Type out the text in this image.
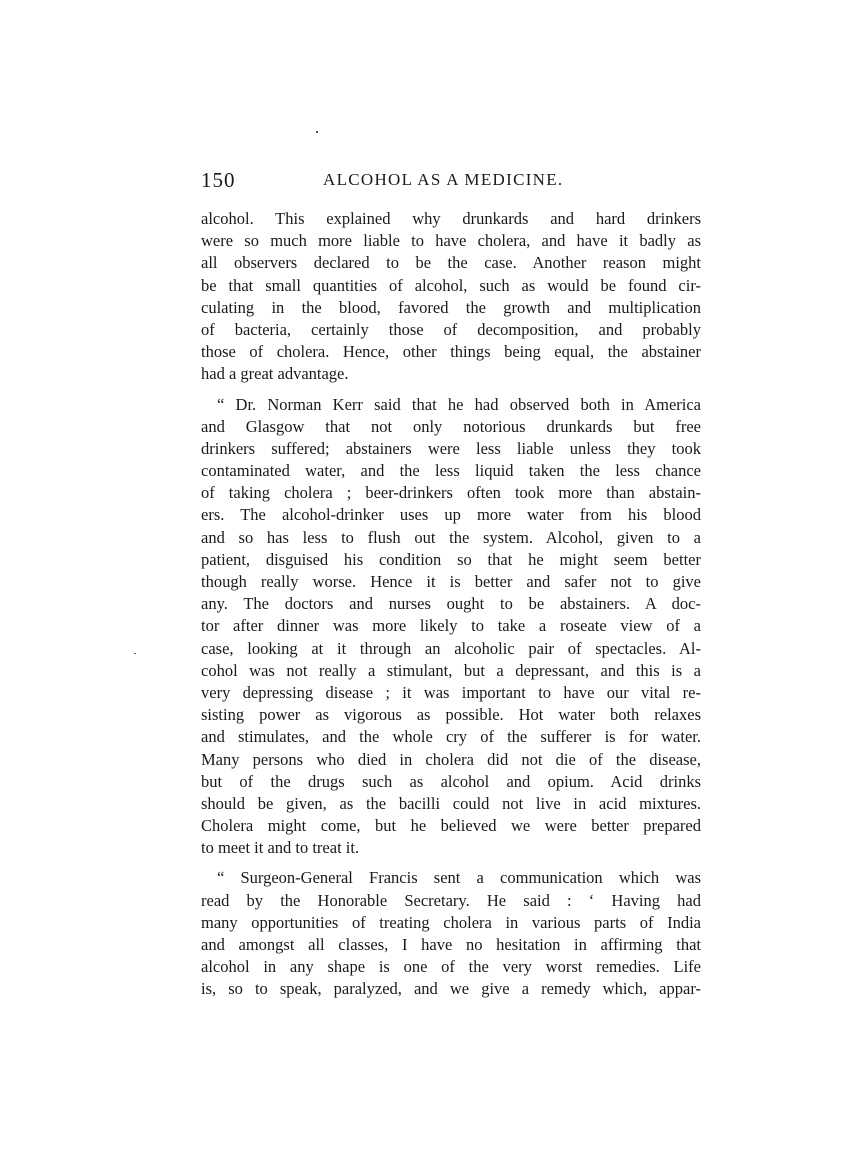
150	ALCOHOL AS A MEDICINE.
alcohol. This explained why drunkards and hard drinkers
were so much more liable to have cholera, and have it badly as
all observers declared to be the case. Another reason might
be that small quantities of alcohol, such as would be found cir-
culating in the blood, favored the growth and multiplication
of bacteria, certainly those of decomposition, and probably
those of cholera. Hence, other things being equal, the abstainer
had a great advantage.
“ Dr. Norman Kerr said that he had observed both in America
and Glasgow that not only notorious drunkards but free
drinkers suffered; abstainers were less liable unless they took
contaminated water, and the less liquid taken the less chance
of taking cholera ; beer-drinkers often took more than abstain-
ers. The alcohol-drinker uses up more water from his blood
and so has less to flush out the system. Alcohol, given to a
patient, disguised his condition so that he might seem better
though really worse. Hence it is better and safer not to give
any. The doctors and nurses ought to be abstainers. A doc-
tor after dinner was more likely to take a roseate view of a
case, looking at it through an alcoholic pair of spectacles. Al-
cohol was not really a stimulant, but a depressant, and this is a
very depressing disease ; it was important to have our vital re-
sisting power as vigorous as possible. Hot water both relaxes
and stimulates, and the whole cry of the sufferer is for water.
Many persons who died in cholera did not die of the disease,
but of the drugs such as alcohol and opium. Acid drinks
should be given, as the bacilli could not live in acid mixtures.
Cholera might come, but he believed we were better prepared
to meet it and to treat it.
“ Surgeon-General Francis sent a communication which was
read by the Honorable Secretary. He said : ‘ Having had
many opportunities of treating cholera in various parts of India
and amongst all classes, I have no hesitation in affirming that
alcohol in any shape is one of the very worst remedies. Life
is, so to speak, paralyzed, and we give a remedy which, appar-
